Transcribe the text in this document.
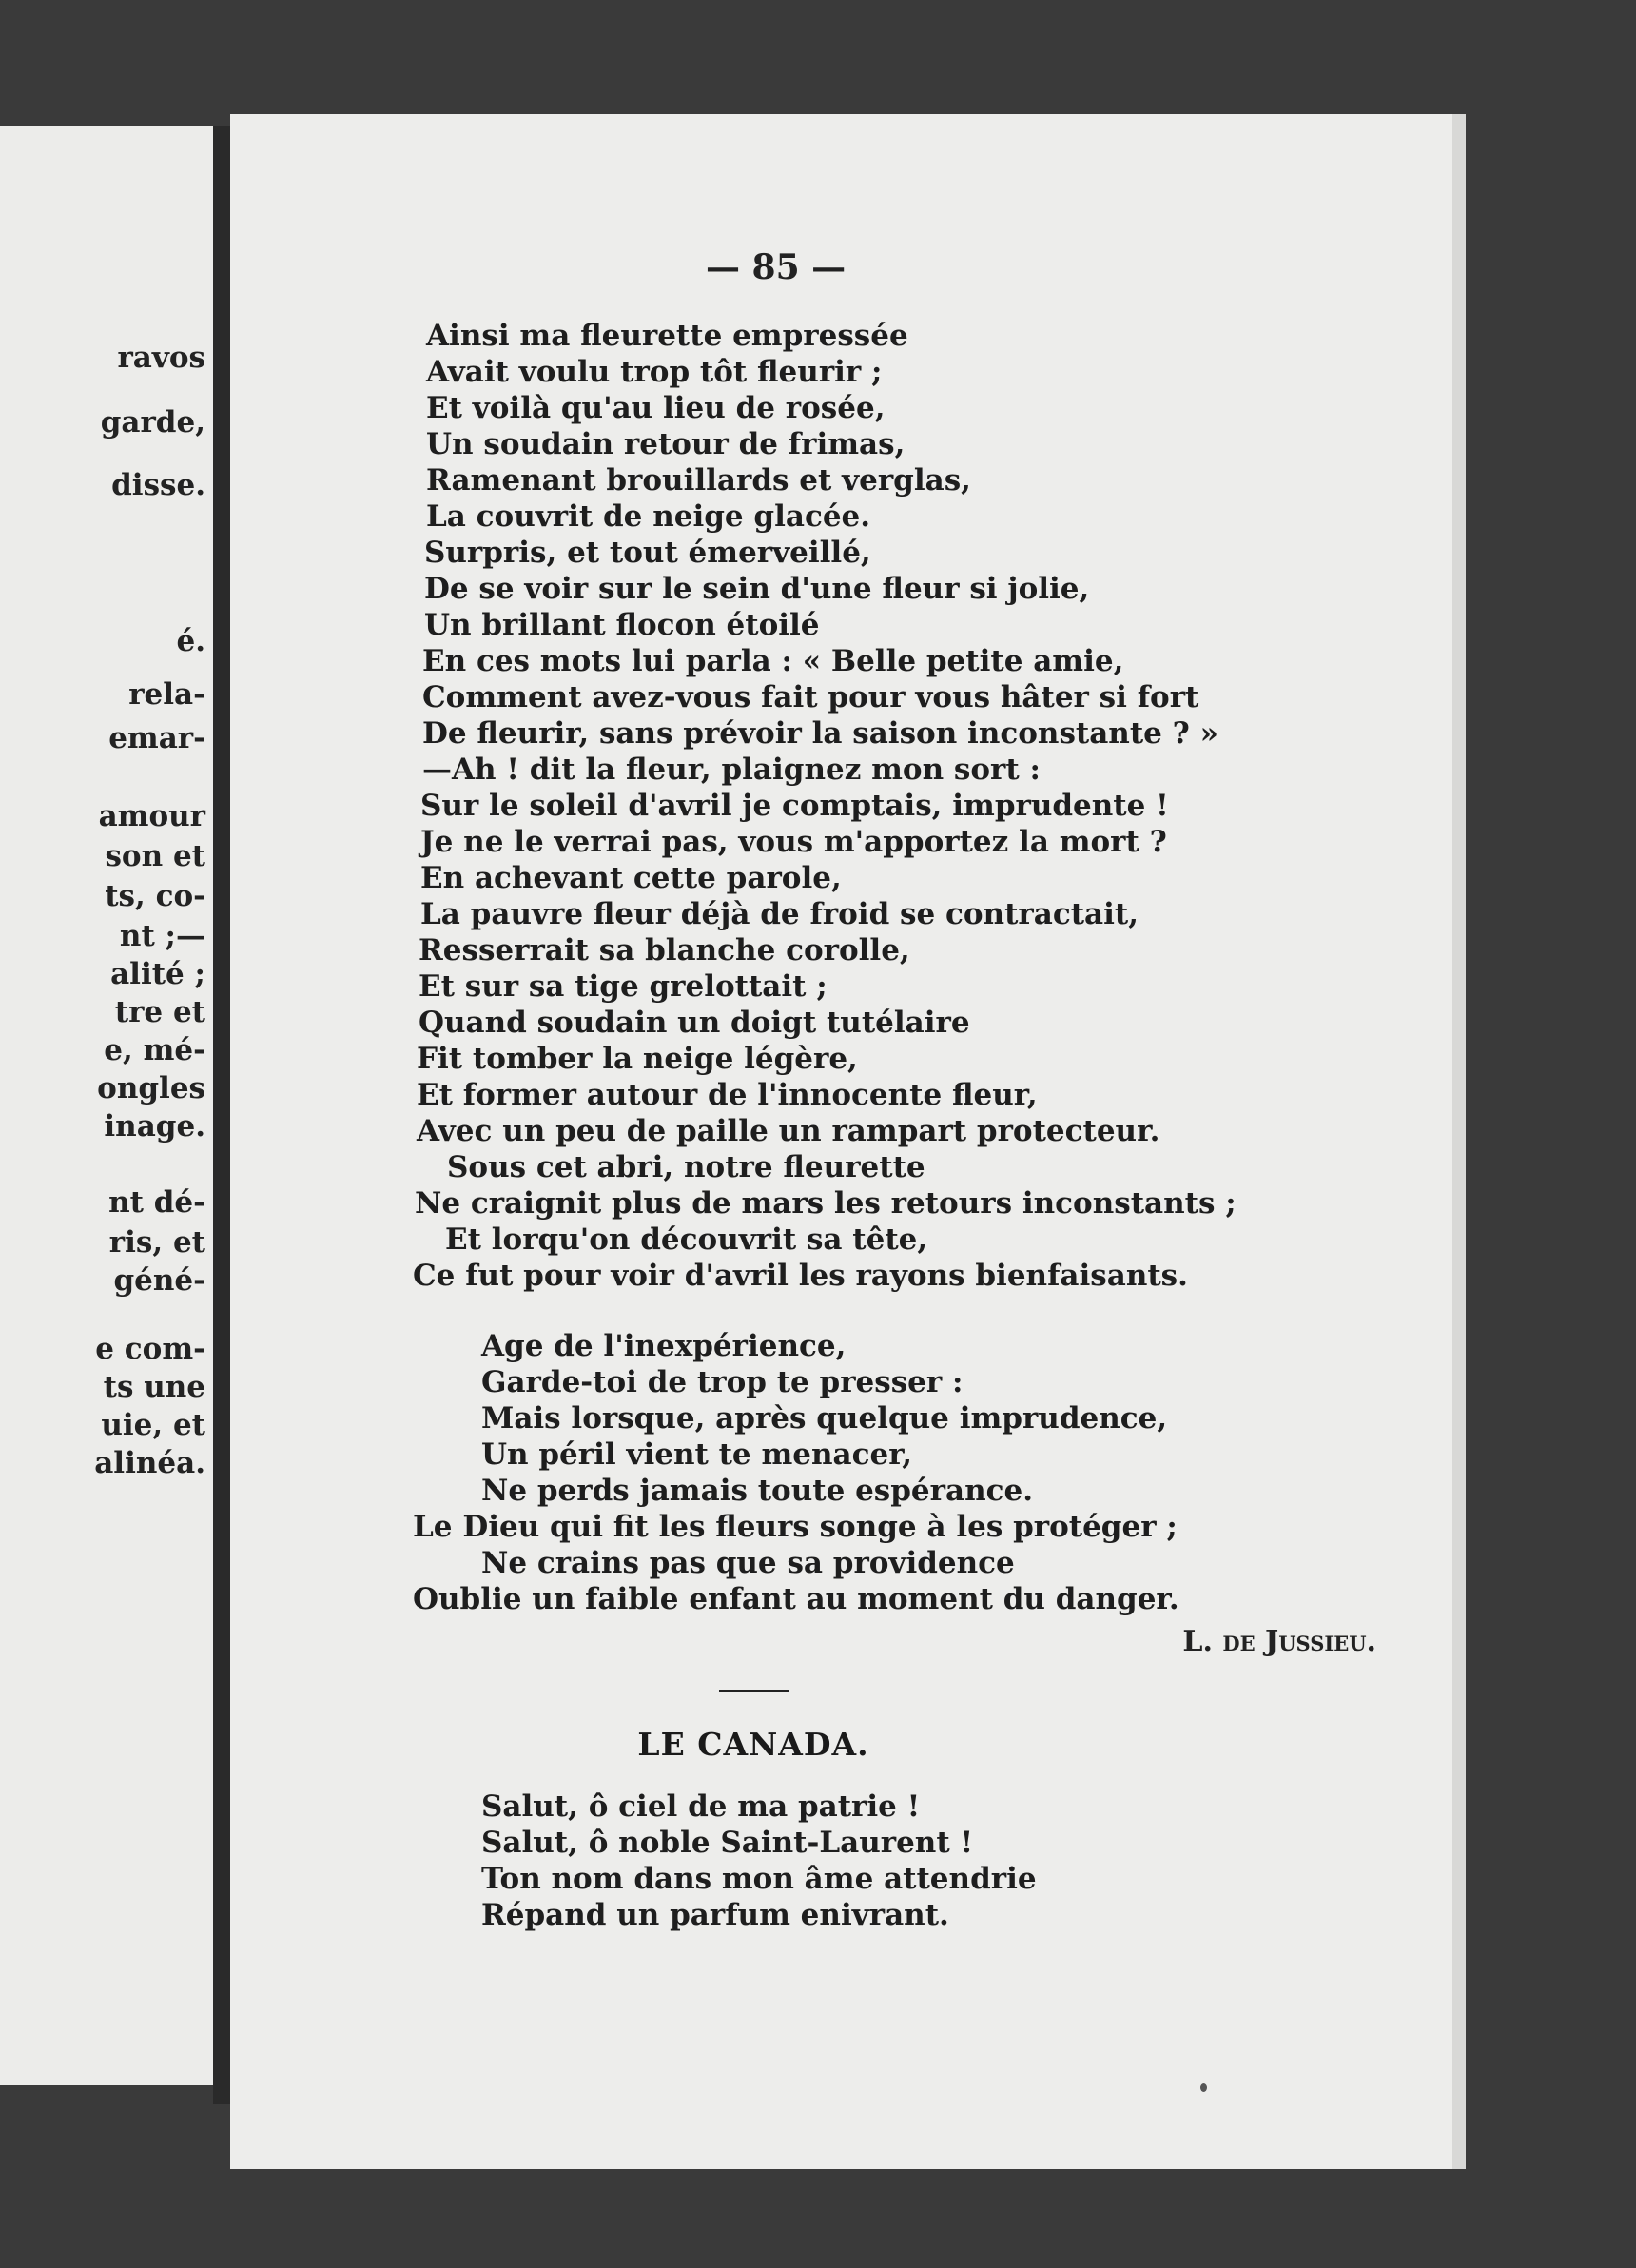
ravos
garde,
disse.
é.
rela-
emar-
amour
son et
ts, co-
nt ;—
alité ;
tre et
e, mé-
ongles
inage.
nt dé-
ris, et
géné-
e com-
ts une
uie, et
alinéa.
— 85 —
Ainsi ma fleurette empressée
Avait voulu trop tôt fleurir ;
Et voilà qu'au lieu de rosée,
Un soudain retour de frimas,
Ramenant brouillards et verglas,
La couvrit de neige glacée.
Surpris, et tout émerveillé,
De se voir sur le sein d'une fleur si jolie,
Un brillant flocon étoilé
En ces mots lui parla : « Belle petite amie,
Comment avez-vous fait pour vous hâter si fort
De fleurir, sans prévoir la saison inconstante ? »
—Ah ! dit la fleur, plaignez mon sort :
Sur le soleil d'avril je comptais, imprudente !
Je ne le verrai pas, vous m'apportez la mort ?
En achevant cette parole,
La pauvre fleur déjà de froid se contractait,
Resserrait sa blanche corolle,
Et sur sa tige grelottait ;
Quand soudain un doigt tutélaire
Fit tomber la neige légère,
Et former autour de l'innocente fleur,
Avec un peu de paille un rampart protecteur.
Sous cet abri, notre fleurette
Ne craignit plus de mars les retours inconstants ;
Et lorqu'on découvrit sa tête,
Ce fut pour voir d'avril les rayons bienfaisants.
Age de l'inexpérience,
Garde-toi de trop te presser :
Mais lorsque, après quelque imprudence,
Un péril vient te menacer,
Ne perds jamais toute espérance.
Le Dieu qui fit les fleurs songe à les protéger ;
Ne crains pas que sa providence
Oublie un faible enfant au moment du danger.
L. de Jussieu.
LE CANADA.
Salut, ô ciel de ma patrie !
Salut, ô noble Saint-Laurent !
Ton nom dans mon âme attendrie
Répand un parfum enivrant.
